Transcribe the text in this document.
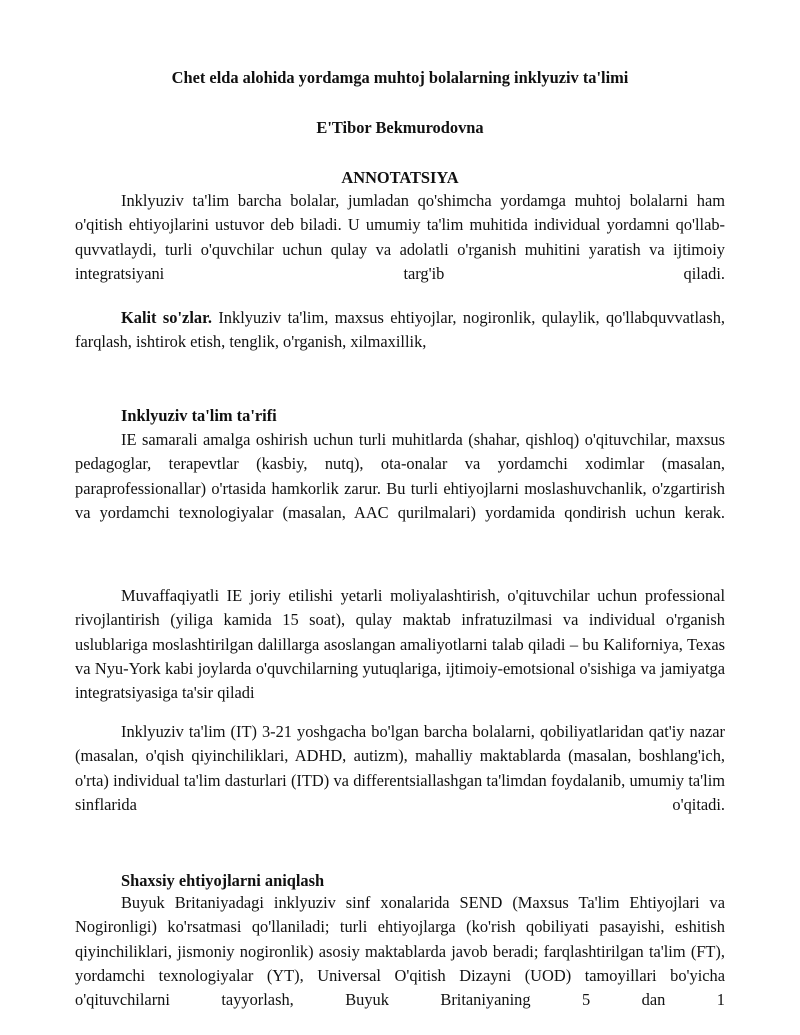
Chet elda alohida yordamga muhtoj bolalarning inklyuziv ta'limi
E'Tibor Bekmurodovna
ANNOTATSIYA

Inklyuziv ta'lim barcha bolalar, jumladan qo'shimcha yordamga muhtoj bolalarni ham o'qitish ehtiyojlarini ustuvor deb biladi. U umumiy ta'lim muhitida individual yordamni qo'llab-quvvatlaydi, turli o'quvchilar uchun qulay va adolatli o'rganish muhitini yaratish va ijtimoiy integratsiyani targ'ib qiladi.

Kalit so'zlar. Inklyuziv ta'lim, maxsus ehtiyojlar, nogironlik, qulaylik, qo'llabquvvatlash, farqlash, ishtirok etish, tenglik, o'rganish, xilmaxillik,

Inklyuziv ta'lim ta'rifi

IE samarali amalga oshirish uchun turli muhitlarda (shahar, qishloq) o'qituvchilar, maxsus pedagoglar, terapevtlar (kasbiy, nutq), ota-onalar va yordamchi xodimlar (masalan, paraprofessionallar) o'rtasida hamkorlik zarur. Bu turli ehtiyojlarni moslashuvchanlik, o'zgartirish va yordamchi texnologiyalar (masalan, AAC qurilmalari) yordamida qondirish uchun kerak.

Muvaffaqiyatli IE joriy etilishi yetarli moliyalashtirish, o'qituvchilar uchun professional rivojlantirish (yiliga kamida 15 soat), qulay maktab infratuzilmasi va individual o'rganish uslublariga moslashtirilgan dalillarga asoslangan amaliyotlarni talab qiladi – bu Kaliforniya, Texas va Nyu-York kabi joylarda o'quvchilarning yutuqlariga, ijtimoiy-emotsional o'sishiga va jamiyatga integratsiyasiga ta'sir qiladi

Inklyuziv ta'lim (IT) 3-21 yoshgacha bo'lgan barcha bolalarni, qobiliyatlaridan qat'iy nazar (masalan, o'qish qiyinchiliklari, ADHD, autizm), mahalliy maktablarda (masalan, boshlang'ich, o'rta) individual ta'lim dasturlari (ITD) va differentsiallashgan ta'limdan foydalanib, umumiy ta'lim sinflarida o'qitadi.

Shaxsiy ehtiyojlarni aniqlash

Buyuk Britaniyadagi inklyuziv sinf xonalarida SEND (Maxsus Ta'lim Ehtiyojlari va Nogironligi) ko'rsatmasi qo'llaniladi; turli ehtiyojlarga (ko'rish qobiliyati pasayishi, eshitish qiyinchiliklari, jismoniy nogironlik) asosiy maktablarda javob beradi; farqlashtirilgan ta'lim (FT), yordamchi texnologiyalar (YT), Universal O'qitish Dizayni (UOD) tamoyillari bo'yicha o'qituvchilarni tayyorlash, Buyuk Britaniyaning 5 dan 1
